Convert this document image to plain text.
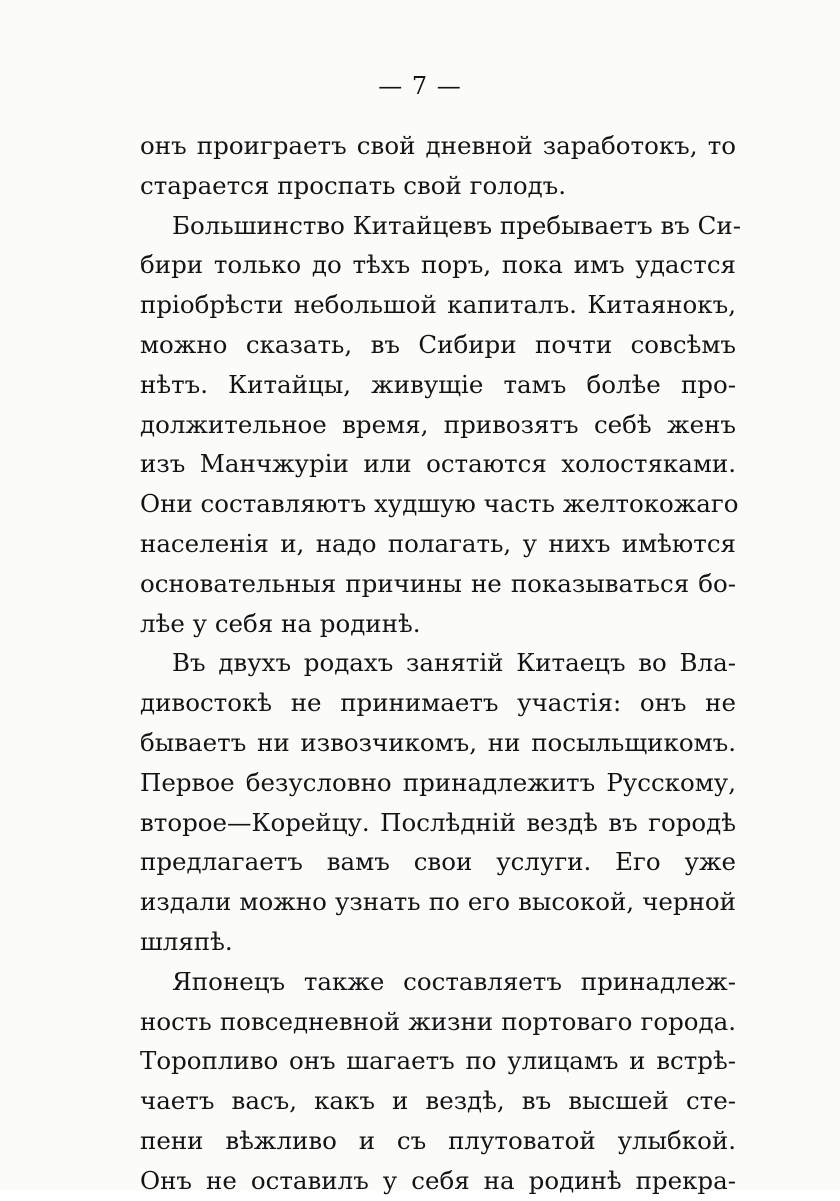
— 7 —
онъ проиграетъ свой дневной заработокъ, то
старается проспать свой голодъ.
Большинство Китайцевъ пребываетъ въ Си-
бири только до тѣхъ поръ, пока имъ удастся
пріобрѣсти небольшой капиталъ. Китаянокъ,
можно сказать, въ Сибири почти совсѣмъ
нѣтъ. Китайцы, живущіе тамъ болѣе про-
должительное время, привозятъ себѣ женъ
изъ Манчжуріи или остаются холостяками.
Они составляютъ худшую часть желтокожаго
населенія и, надо полагать, у нихъ имѣются
основательныя причины не показываться бо-
лѣе у себя на родинѣ.
Въ двухъ родахъ занятій Китаецъ во Вла-
дивостокѣ не принимаетъ участія: онъ не
бываетъ ни извозчикомъ, ни посыльщикомъ.
Первое безусловно принадлежитъ Русскому,
второе—Корейцу. Послѣдній вездѣ въ городѣ
предлагаетъ вамъ свои услуги. Его уже
издали можно узнать по его высокой, черной
шляпѣ.
Японецъ также составляетъ принадлеж-
ность повседневной жизни портоваго города.
Торопливо онъ шагаетъ по улицамъ и встрѣ-
чаетъ васъ, какъ и вездѣ, въ высшей сте-
пени вѣжливо и съ плутоватой улыбкой.
Онъ не оставилъ у себя на родинѣ прекра-
